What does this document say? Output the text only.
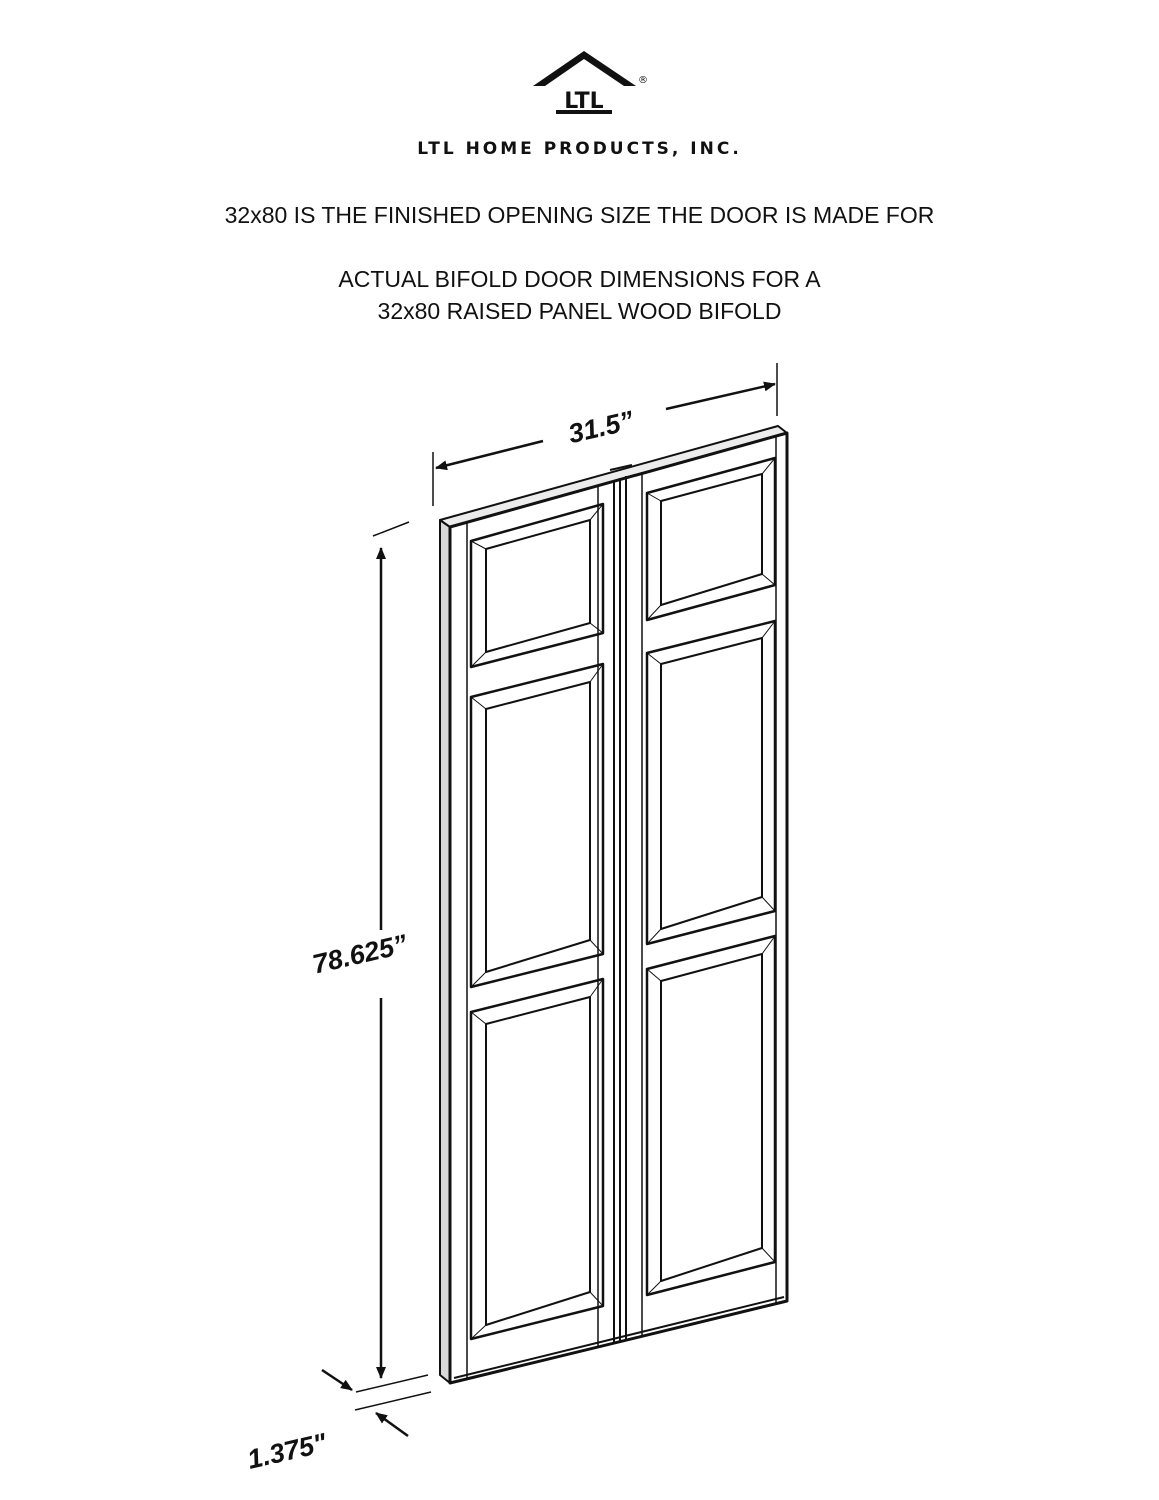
LTL
®
LTL HOME PRODUCTS, INC.
32x80 IS THE FINISHED OPENING SIZE THE DOOR IS MADE FOR
ACTUAL BIFOLD DOOR DIMENSIONS FOR A
32x80 RAISED PANEL WOOD BIFOLD
31.5”
78.625”
1.375"
